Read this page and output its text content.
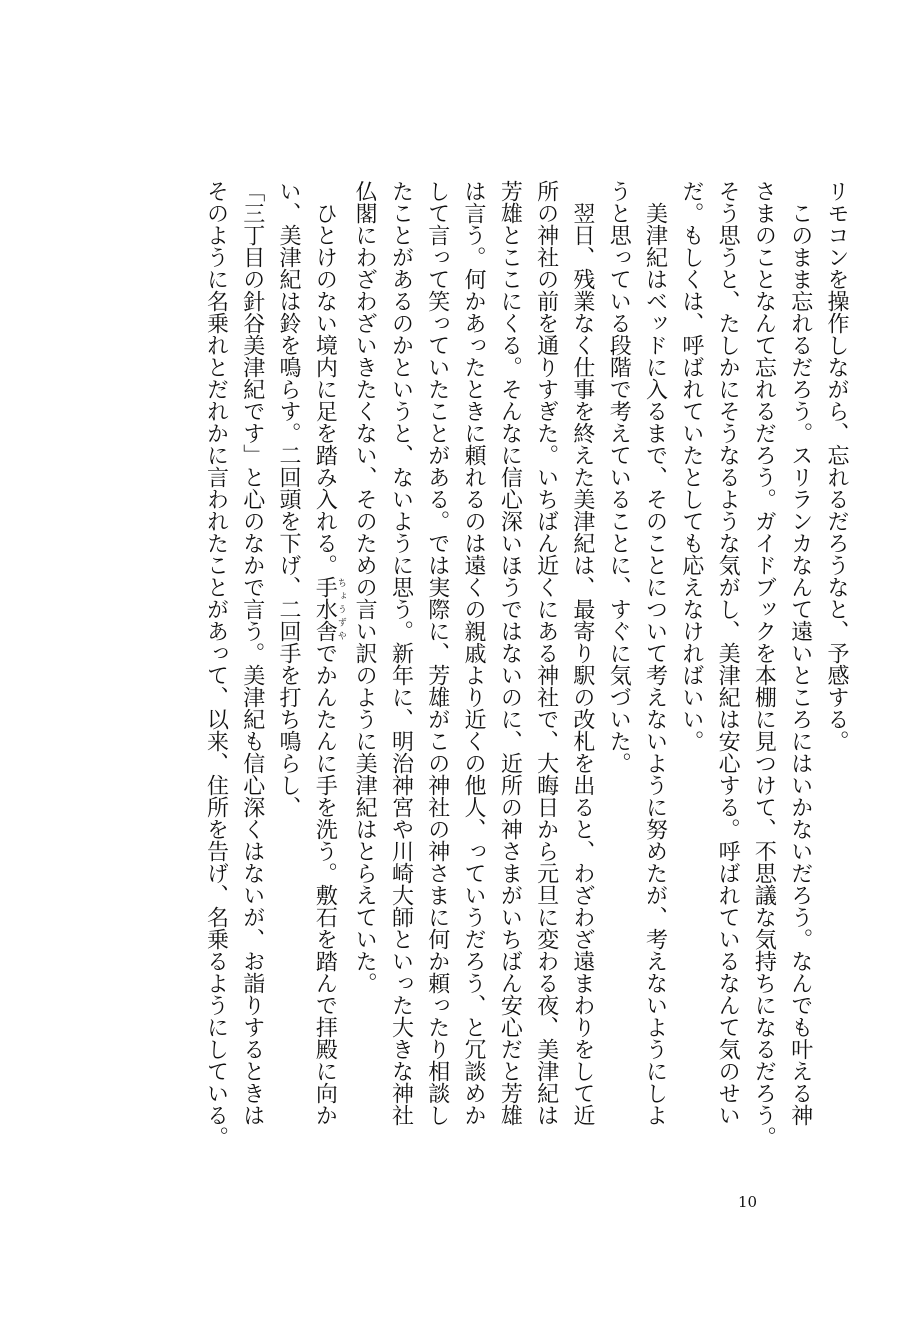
リモコンを操作しながら、忘れるだろうなと、予感する。
　このまま忘れるだろう。スリランカなんて遠いところにはいかないだろう。なんでも叶える神
さまのことなんて忘れるだろう。ガイドブックを本棚に見つけて、不思議な気持ちになるだろう。
そう思うと、たしかにそうなるような気がし、美津紀は安心する。呼ばれているなんて気のせい
だ。もしくは、呼ばれていたとしても応えなければいい。
　美津紀はベッドに入るまで、そのことについて考えないように努めたが、考えないようにしよ
うと思っている段階で考えていることに、すぐに気づいた。
　翌日、残業なく仕事を終えた美津紀は、最寄り駅の改札を出ると、わざわざ遠まわりをして近
所の神社の前を通りすぎた。いちばん近くにある神社で、大晦日から元旦に変わる夜、美津紀は
芳雄とここにくる。そんなに信心深いほうではないのに、近所の神さまがいちばん安心だと芳雄
は言う。何かあったときに頼れるのは遠くの親戚より近くの他人、っていうだろう、と冗談めか
して言って笑っていたことがある。では実際に、芳雄がこの神社の神さまに何か頼ったり相談し
たことがあるのかというと、ないように思う。新年に、明治神宮や川崎大師といった大きな神社
仏閣にわざわざいきたくない、そのための言い訳のように美津紀はとらえていた。
　ひとけのない境内に足を踏み入れる。手水舎ちょうずやでかんたんに手を洗う。敷石を踏んで拝殿に向か
い、美津紀は鈴を鳴らす。二回頭を下げ、二回手を打ち鳴らし、
「三丁目の針谷美津紀です」と心のなかで言う。美津紀も信心深くはないが、お詣りするときは
そのように名乗れとだれかに言われたことがあって、以来、住所を告げ、名乗るようにしている。
10
